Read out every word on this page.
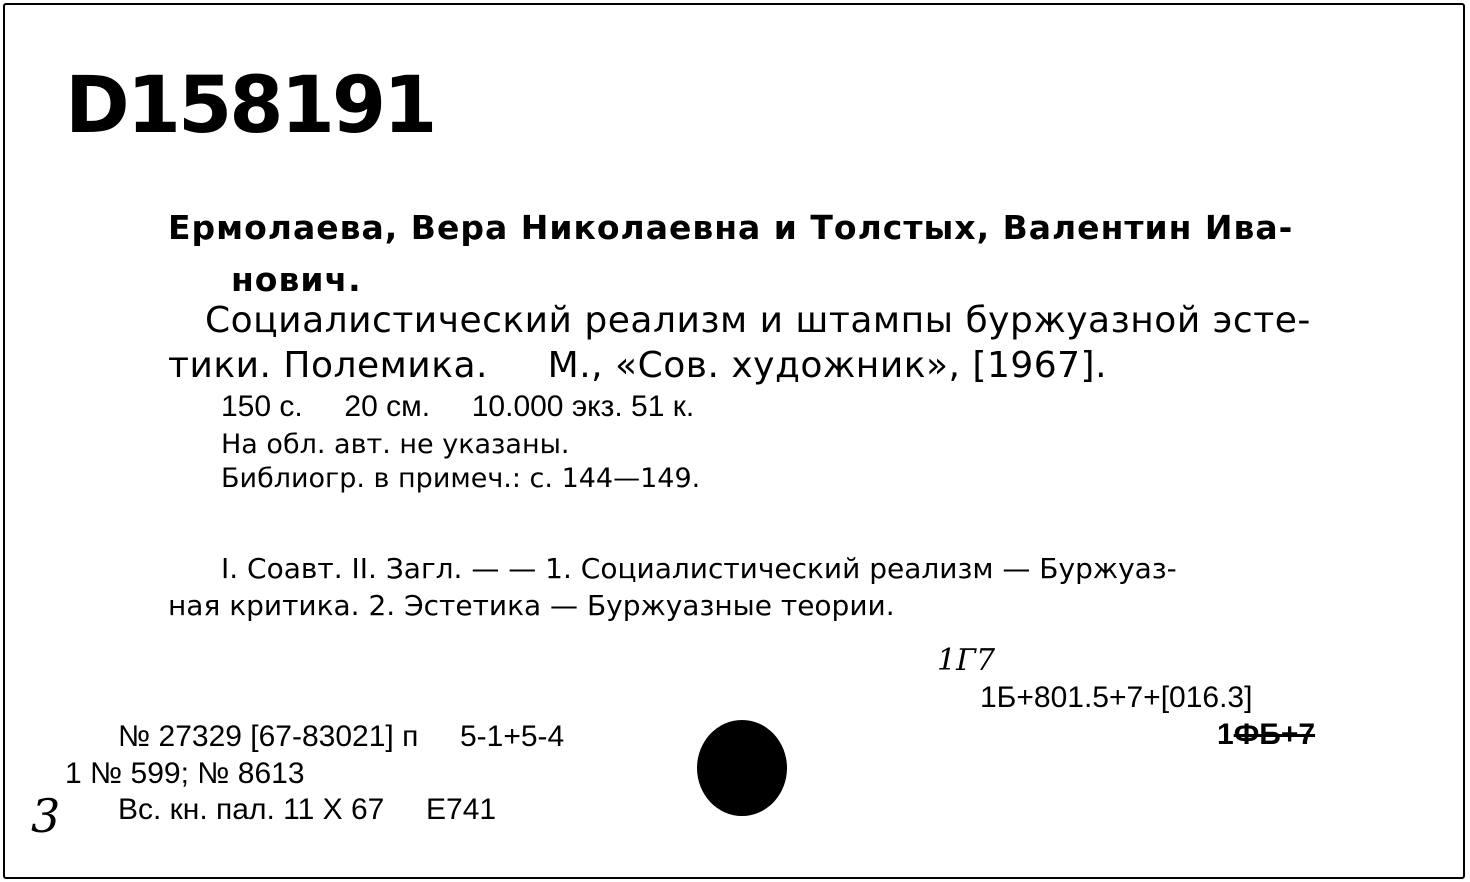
D158191
Ермолаева, Вера Николаевна и Толстых, Валентин Ива-
нович.
Социалистический реализм и штампы буржуазной эсте-
тики. Полемика.     М., «Сов. художник», [1967].
150 с.     20 см.     10.000 экз. 51 к.
На обл. авт. не указаны.
Библиогр. в примеч.: с. 144—149.
I. Соавт. II. Загл. — — 1. Социалистический реализм — Буржуаз-
ная критика. 2. Эстетика — Буржуазные теории.
1Г7
1Б+801.5+7+[016.3]
1ФБ+7
№ 27329 [67-83021] п     5-1+5-4
1 № 599; № 8613
Вс. кн. пал. 11 X 67     Е741
3
